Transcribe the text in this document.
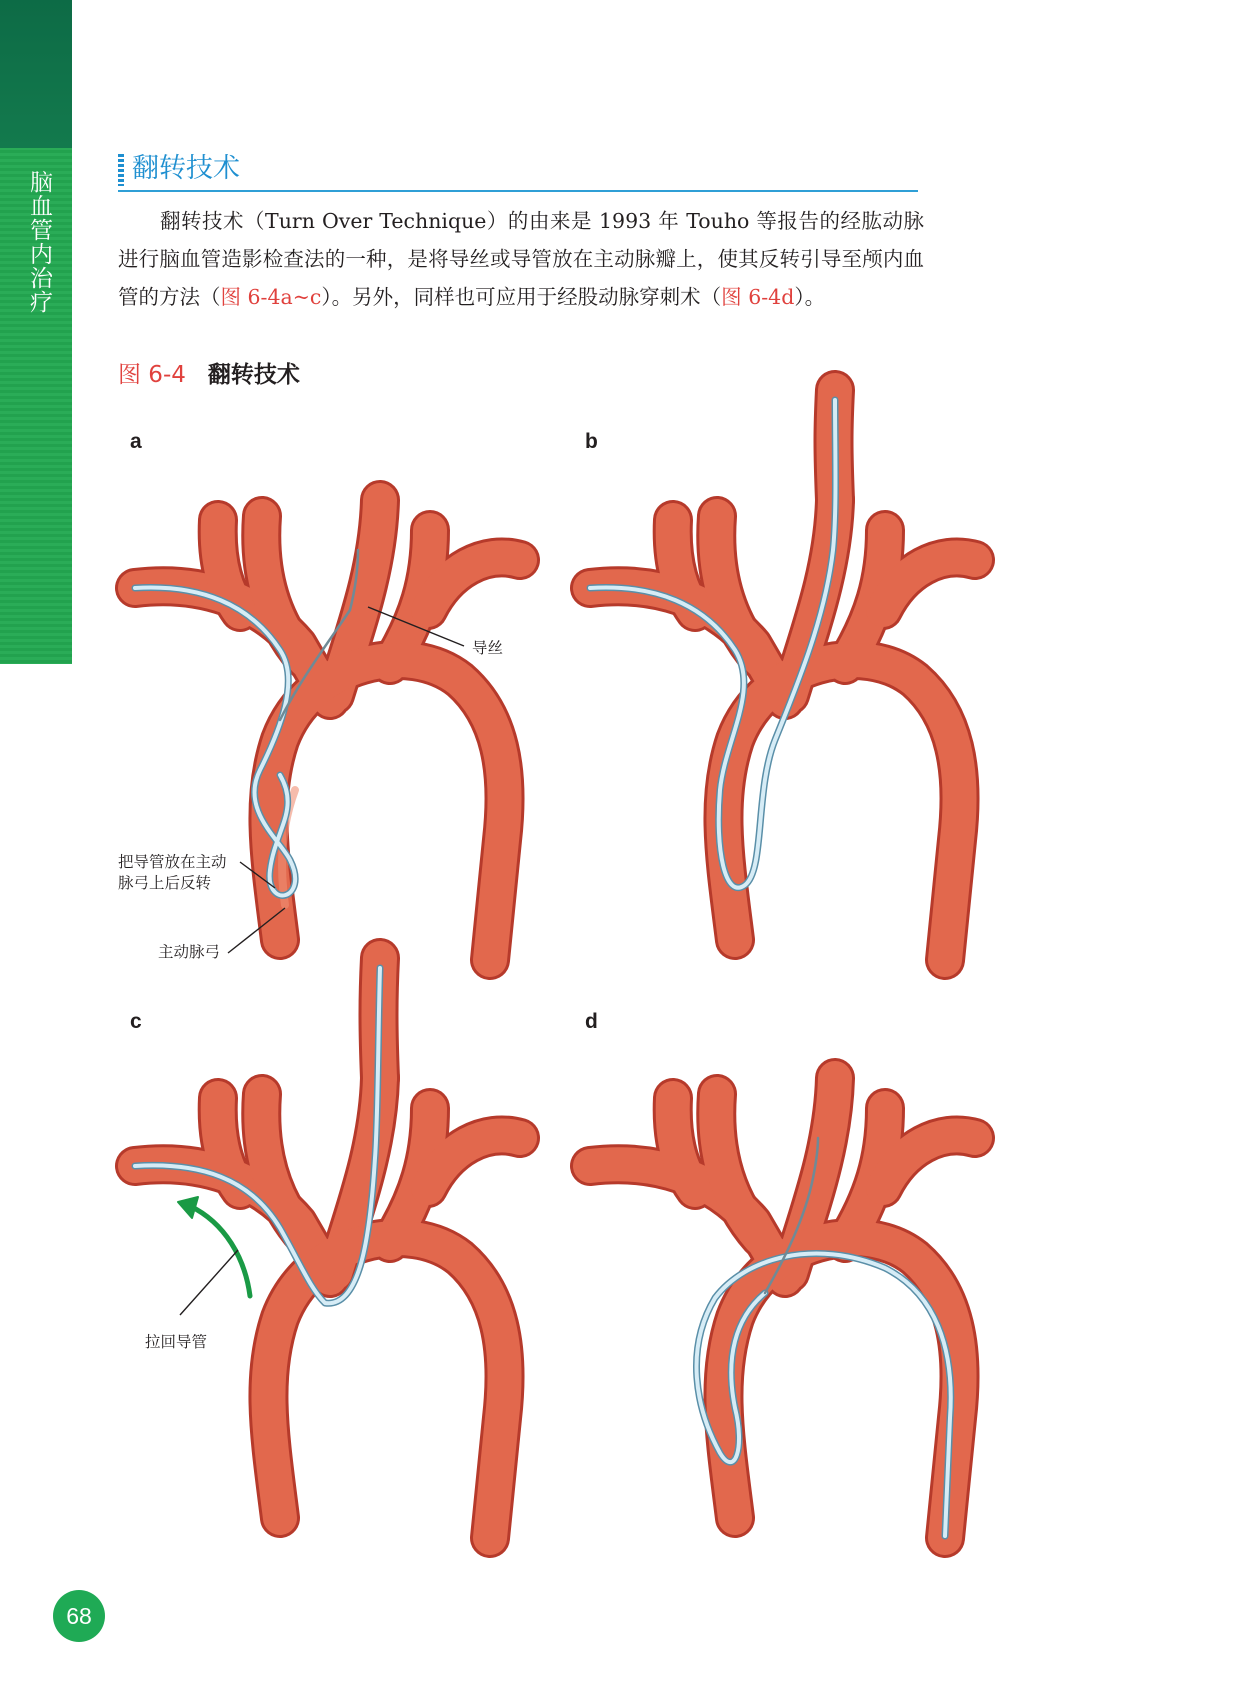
脑血管内治疗
翻转技术
翻转技术（Turn Over Technique）的由来是 1993 年 Touho 等报告的经肱动脉进行脑血管造影检查法的一种，是将导丝或导管放在主动脉瓣上，使其反转引导至颅内血管的方法（图 6-4a~c）。另外，同样也可应用于经股动脉穿刺术（图 6-4d）。
图 6-4 翻转技术
a	b
c	d
导丝
把导管放在主动
脉弓上后反转
主动脉弓
拉回导管
68
